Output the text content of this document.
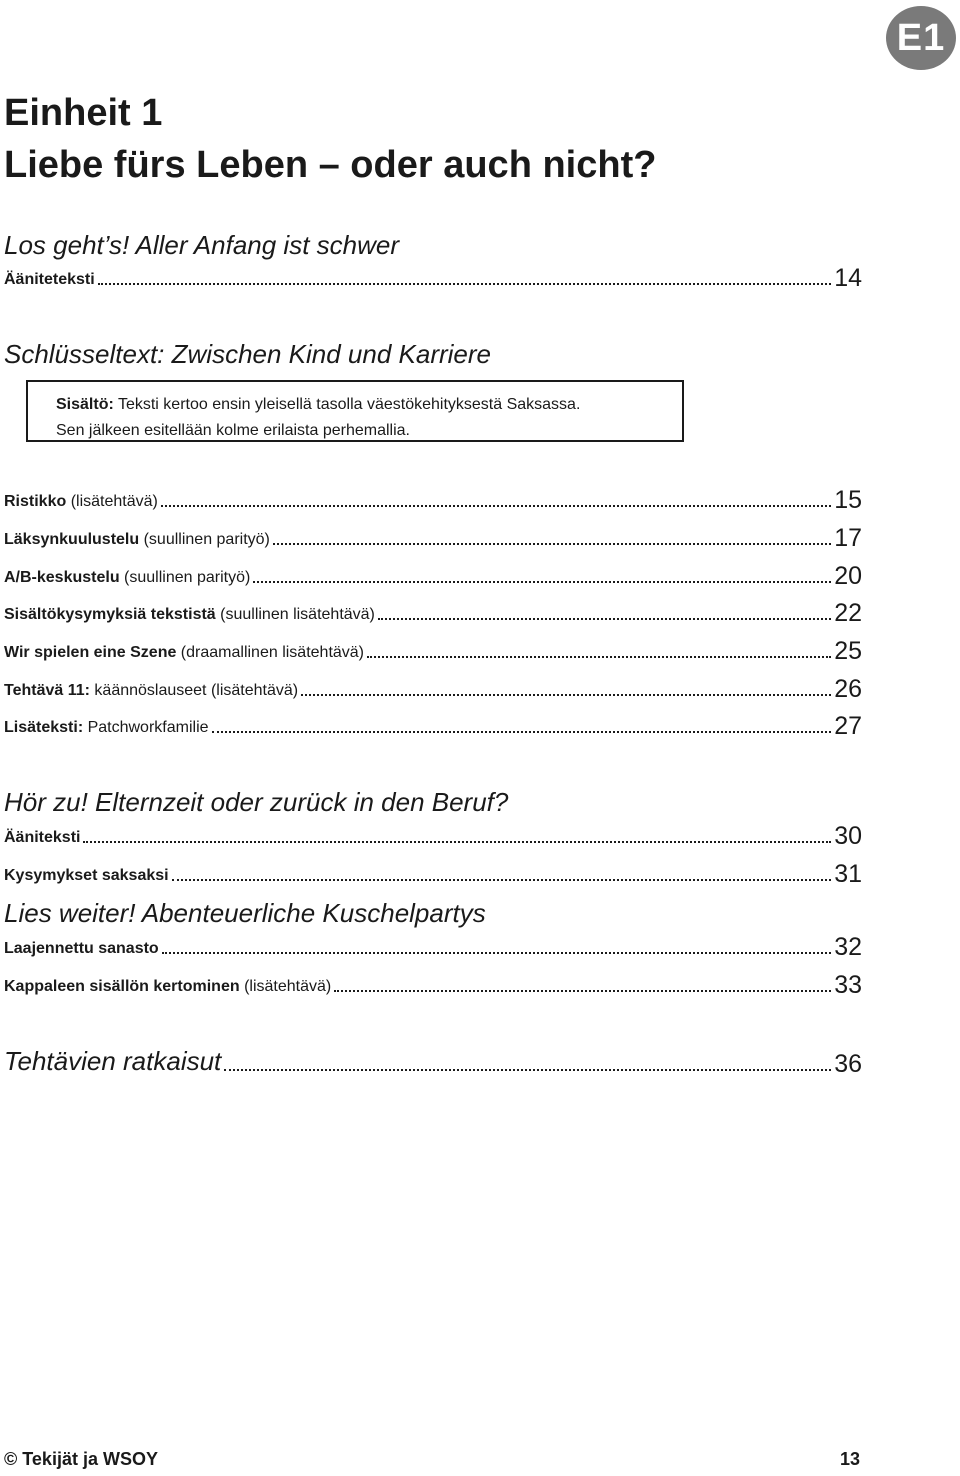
E1
Einheit 1
Liebe fürs Leben – oder auch nicht?
Los geht’s! Aller Anfang ist schwer
Ääniteteksti	14
Schlüsseltext: Zwischen Kind und Karriere
Sisältö: Teksti kertoo ensin yleisellä tasolla väestökehityksestä Saksassa.
Sen jälkeen esitellään kolme erilaista perhemallia.
Ristikko (lisätehtävä)	15
Läksynkuulustelu (suullinen parityö)	17
A/B-keskustelu (suullinen parityö)	20
Sisältökysymyksiä tekstistä (suullinen lisätehtävä)	22
Wir spielen eine Szene (draamallinen lisätehtävä)	25
Tehtävä 11: käännöslauseet (lisätehtävä)	26
Lisäteksti: Patchworkfamilie	27
Hör zu! Elternzeit oder zurück in den Beruf?
Ääniteksti	30
Kysymykset saksaksi	31
Lies weiter! Abenteuerliche Kuschelpartys
Laajennettu sanasto	32
Kappaleen sisällön kertominen (lisätehtävä)	33
Tehtävien ratkaisut	36
© Tekijät ja WSOY	13
